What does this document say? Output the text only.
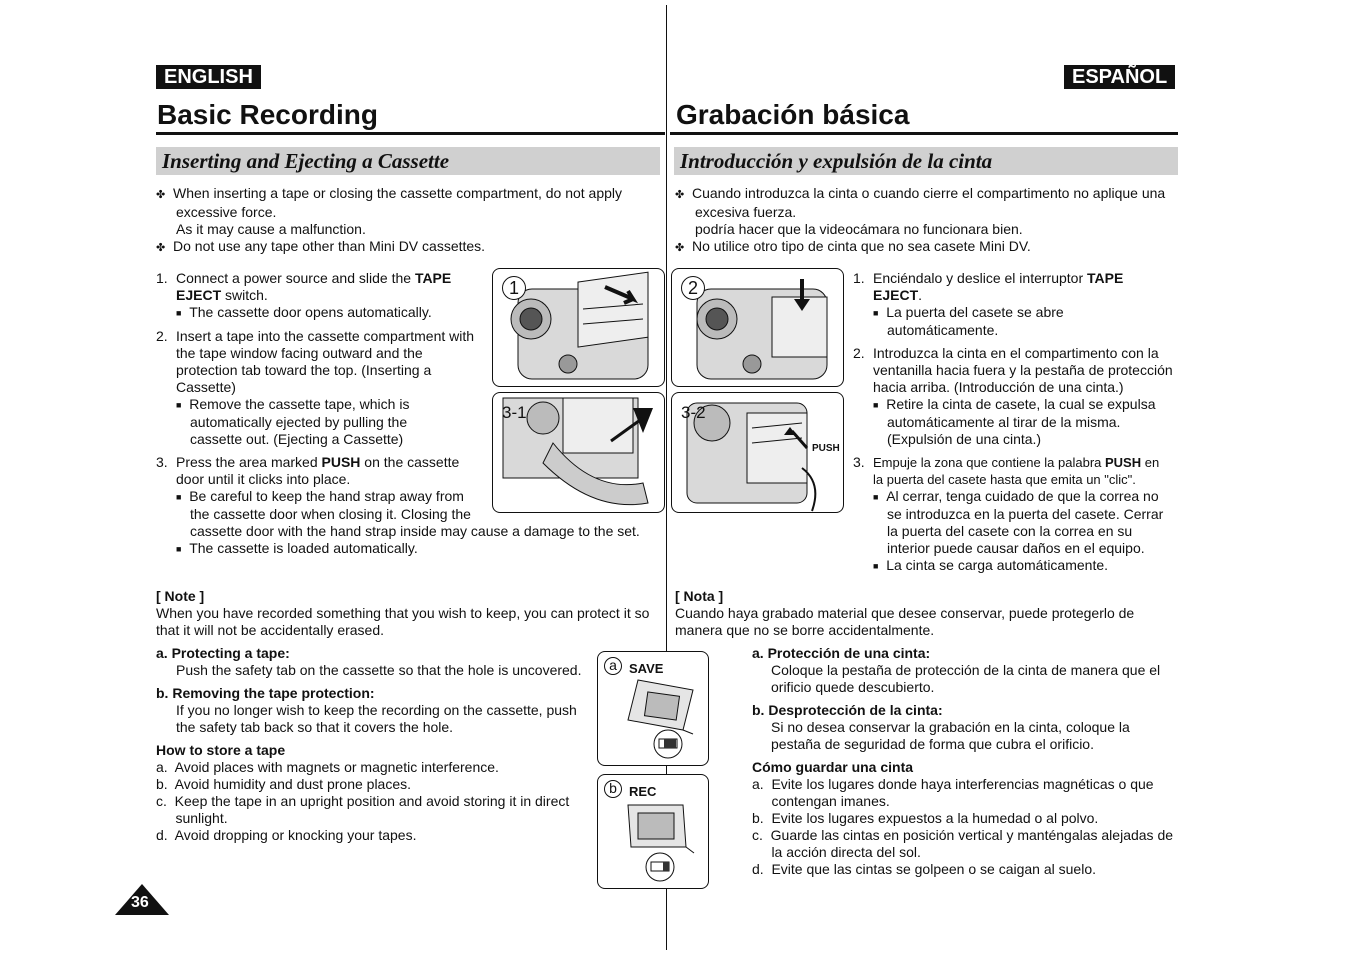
ENGLISH	ESPAÑOL
Basic Recording	Grabación básica
Inserting and Ejecting a Cassette	Introducción y expulsión de la cinta
✤ When inserting a tape or closing the cassette compartment, do not apply
excessive force.
As it may cause a malfunction.
✤ Do not use any tape other than Mini DV cassettes.
1. Connect a power source and slide the TAPE
EJECT switch.
■ The cassette door opens automatically.
2. Insert a tape into the cassette compartment with
the tape window facing outward and the
protection tab toward the top. (Inserting a
Cassette)
■ Remove the cassette tape, which is
automatically ejected by pulling the
cassette out. (Ejecting a Cassette)
3. Press the area marked PUSH on the cassette
door until it clicks into place.
■ Be careful to keep the hand strap away from
the cassette door when closing it. Closing the
cassette door with the hand strap inside may cause a damage to the set.
■ The cassette is loaded automatically.
1
3-1
2
3-2
PUSH
✤ Cuando introduzca la cinta o cuando cierre el compartimento no aplique una
excesiva fuerza.
podría hacer que la videocámara no funcionara bien.
✤ No utilice otro tipo de cinta que no sea casete Mini DV.
1. Enciéndalo y deslice el interruptor TAPE
EJECT.
■ La puerta del casete se abre
automáticamente.
2. Introduzca la cinta en el compartimento con la
ventanilla hacia fuera y la pestaña de protección
hacia arriba. (Introducción de una cinta.)
■ Retire la cinta de casete, la cual se expulsa
automáticamente al tirar de la misma.
(Expulsión de una cinta.)
3. Empuje la zona que contiene la palabra PUSH en
la puerta del casete hasta que emita un "clic".
■ Al cerrar, tenga cuidado de que la correa no
se introduzca en la puerta del casete. Cerrar
la puerta del casete con la correa en su
interior puede causar daños en el equipo.
■ La cinta se carga automáticamente.
[ Note ]
When you have recorded something that you wish to keep, you can protect it so
that it will not be accidentally erased.
a. Protecting a tape:
Push the safety tab on the cassette so that the hole is uncovered.
b. Removing the tape protection:
If you no longer wish to keep the recording on the cassette, push
the safety tab back so that it covers the hole.
How to store a tape
a.  Avoid places with magnets or magnetic interference.
b.  Avoid humidity and dust prone places.
c.  Keep the tape in an upright position and avoid storing it in direct
sunlight.
d.  Avoid dropping or knocking your tapes.
a SAVE
b REC
[ Nota ]
Cuando haya grabado material que desee conservar, puede protegerlo de
manera que no se borre accidentalmente.
a. Protección de una cinta:
Coloque la pestaña de protección de la cinta de manera que el
orificio quede descubierto.
b. Desprotección de la cinta:
Si no desea conservar la grabación en la cinta, coloque la
pestaña de seguridad de forma que cubra el orificio.
Cómo guardar una cinta
a.  Evite los lugares donde haya interferencias magnéticas o que
contengan imanes.
b.  Evite los lugares expuestos a la humedad o al polvo.
c.  Guarde las cintas en posición vertical y manténgalas alejadas de
la acción directa del sol.
d.  Evite que las cintas se golpeen o se caigan al suelo.
36
